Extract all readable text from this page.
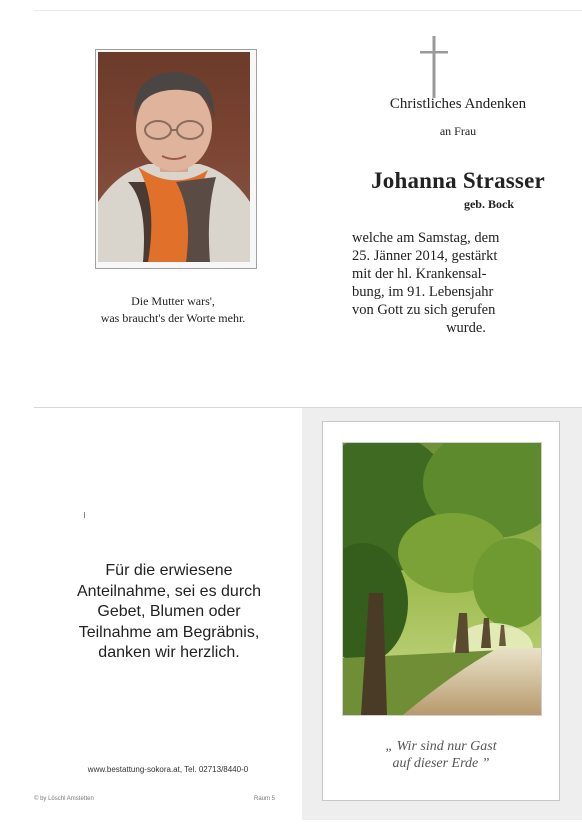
Die Mutter wars',
was braucht's der Worte mehr.
Christliches Andenken
an Frau
Johanna Strasser
geb. Bock
welche am Samstag, dem
25. Jänner 2014, gestärkt
mit der hl. Krankensal-
bung, im 91. Lebensjahr
von Gott zu sich gerufen
wurde.
Für die erwiesene
Anteilnahme, sei es durch
Gebet, Blumen oder
Teilnahme am Begräbnis,
danken wir herzlich.
www.bestattung-sokora.at, Tel. 02713/8440-0
© by Löschl Amstetten	Raum 5
„ Wir sind nur Gast
auf dieser Erde ”
